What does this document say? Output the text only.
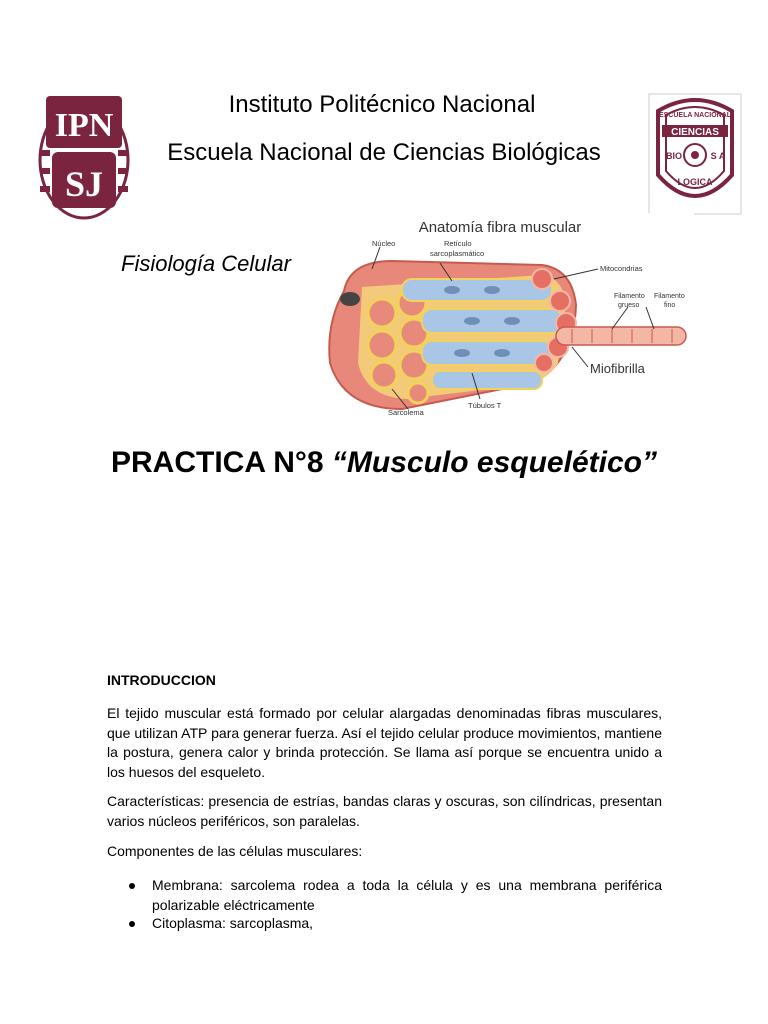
IPN
SJ
ESCUELA NACIONAL
CIENCIAS
BIO	S A
LOGICA
Instituto Politécnico Nacional
Escuela Nacional de Ciencias Biológicas
Fisiología Celular
Anatomía fibra muscular
Núcleo	Retículo
sarcoplasmático
Mitocondrias
Filamento
grueso
Filamento
fino
Miofibrilla
Sarcolema
Túbulos T
PRACTICA N°8 “Musculo esquelético”
INTRODUCCION
El tejido muscular está formado por celular alargadas denominadas fibras musculares, que utilizan ATP para generar fuerza. Así el tejido celular produce movimientos, mantiene la postura, genera calor y brinda protección. Se llama así porque se encuentra unido a los huesos del esqueleto.
Características: presencia de estrías, bandas claras y oscuras, son cilíndricas, presentan varios núcleos periféricos, son paralelas.
Componentes de las células musculares:
Membrana: sarcolema rodea a toda la célula y es una membrana periférica polarizable eléctricamente
Citoplasma: sarcoplasma,
